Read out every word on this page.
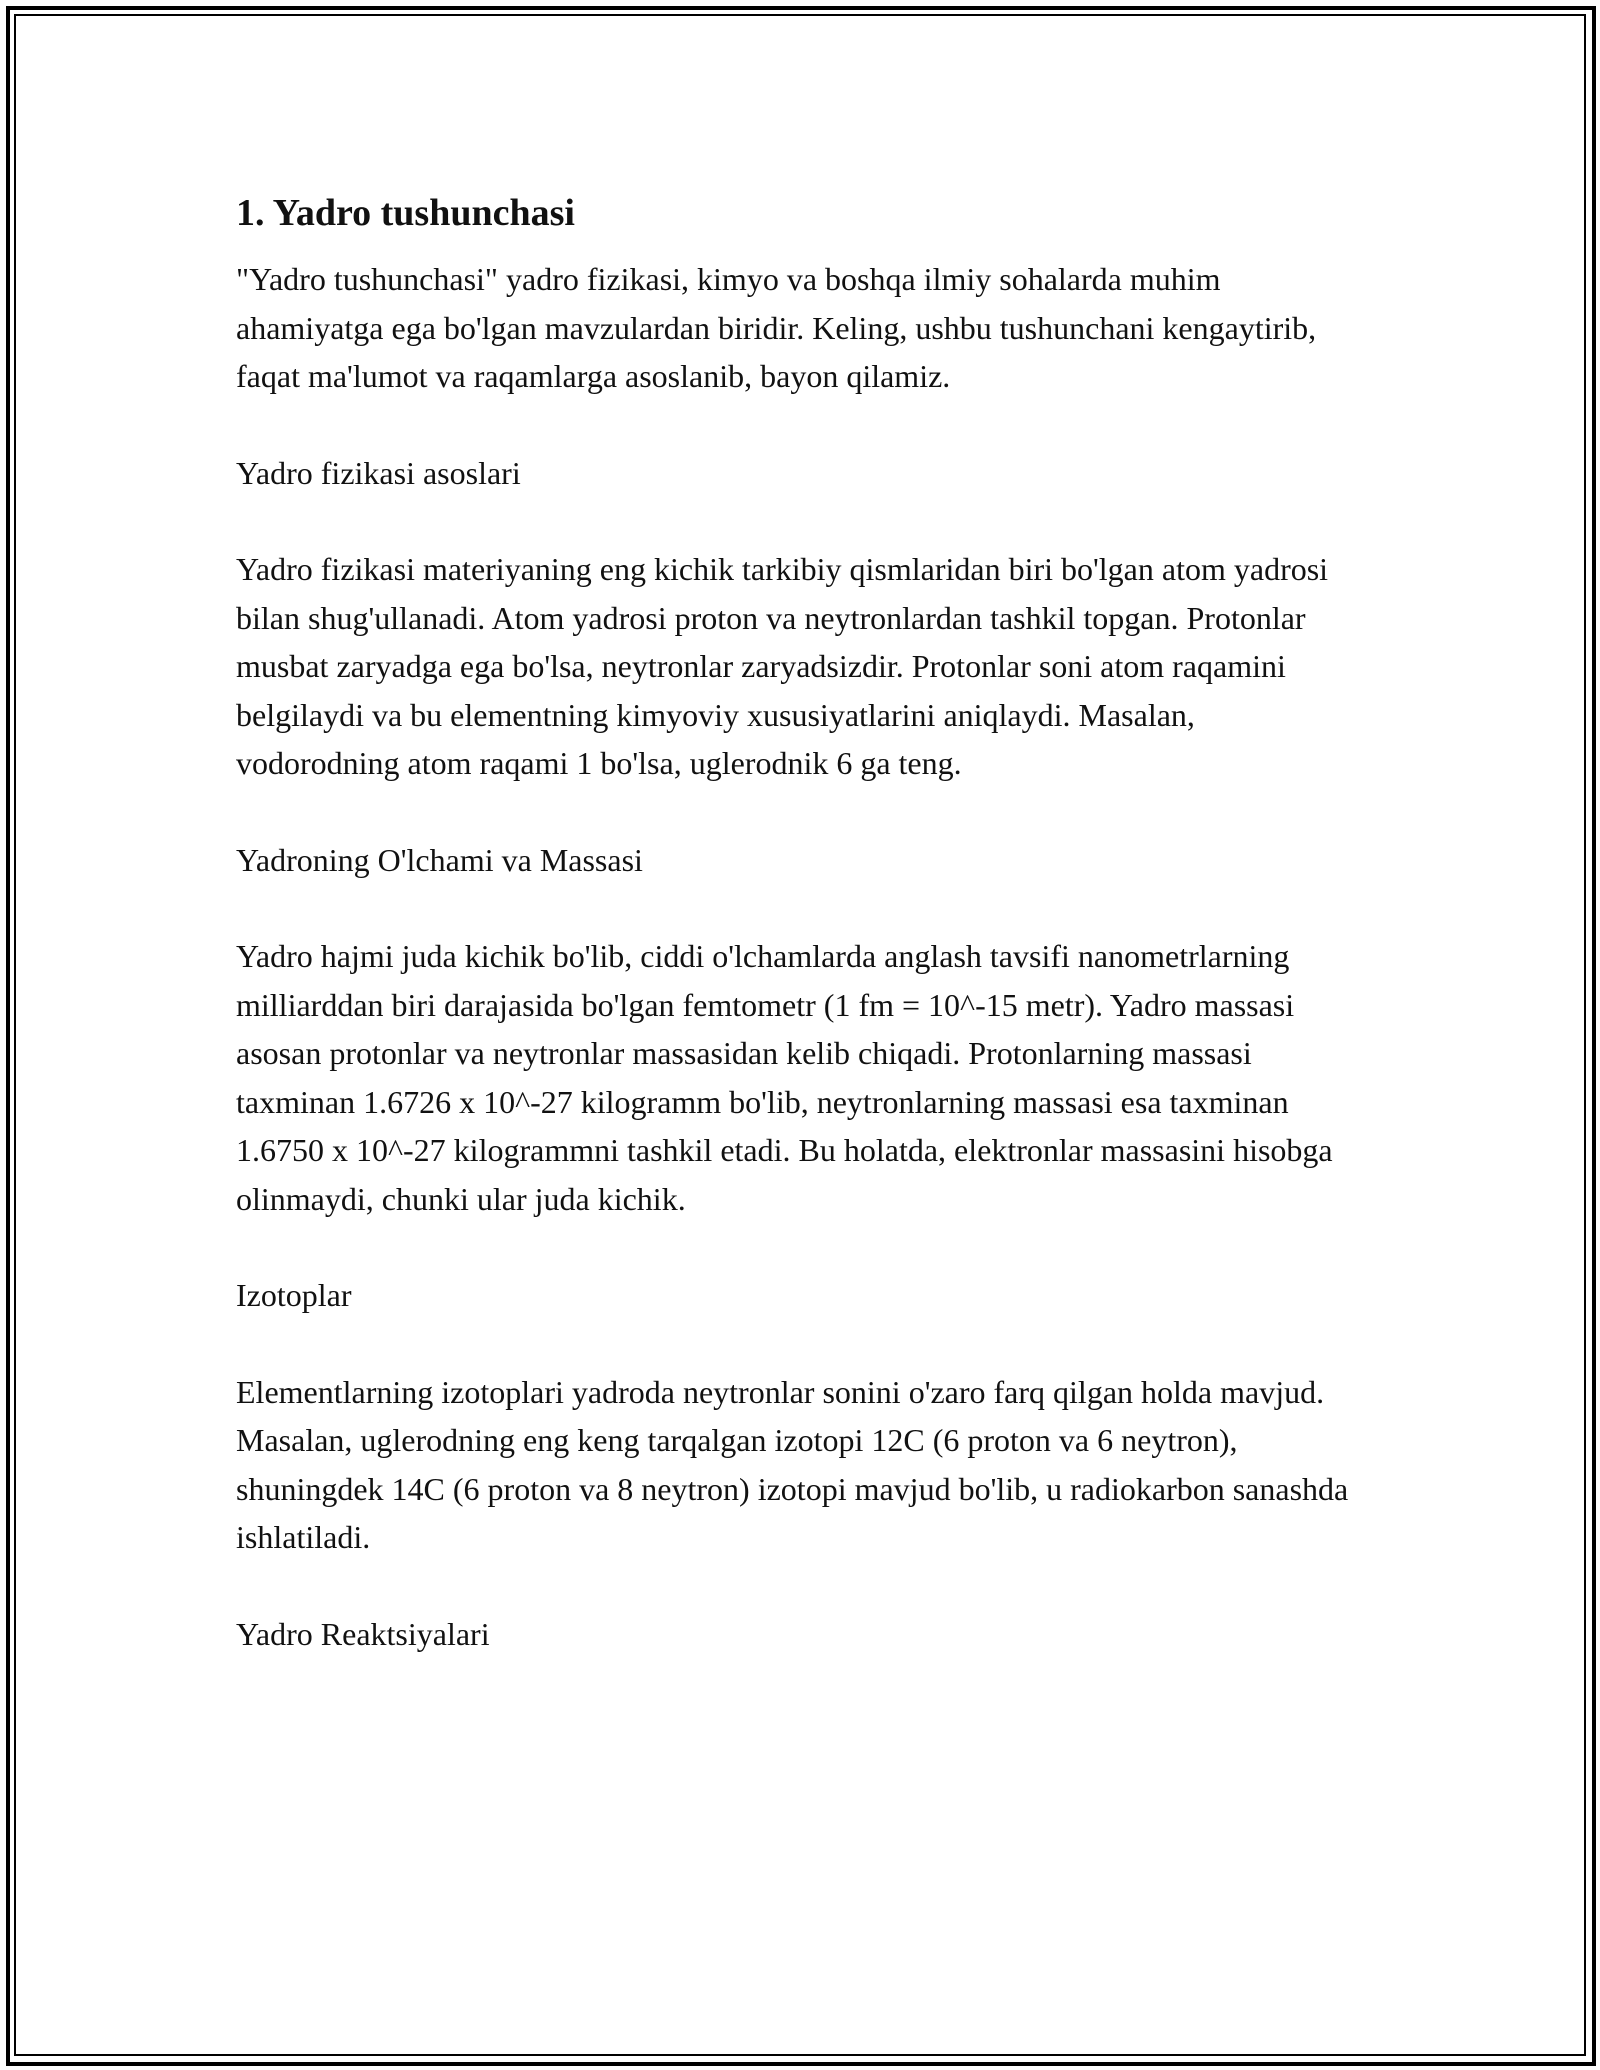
1. Yadro tushunchasi

"Yadro tushunchasi" yadro fizikasi, kimyo va boshqa ilmiy sohalarda muhim ahamiyatga ega bo'lgan mavzulardan biridir. Keling, ushbu tushunchani kengaytirib, faqat ma'lumot va raqamlarga asoslanib, bayon qilamiz.

Yadro fizikasi asoslari

Yadro fizikasi materiyaning eng kichik tarkibiy qismlaridan biri bo'lgan atom yadrosi bilan shug'ullanadi. Atom yadrosi proton va neytronlardan tashkil topgan. Protonlar musbat zaryadga ega bo'lsa, neytronlar zaryadsizdir. Protonlar soni atom raqamini belgilaydi va bu elementning kimyoviy xususiyatlarini aniqlaydi. Masalan, vodorodning atom raqami 1 bo'lsa, uglerodnik 6 ga teng.

Yadroning O'lchami va Massasi

Yadro hajmi juda kichik bo'lib, ciddi o'lchamlarda anglash tavsifi nanometrlarning milliarddan biri darajasida bo'lgan femtometr (1 fm = 10^-15 metr). Yadro massasi asosan protonlar va neytronlar massasidan kelib chiqadi. Protonlarning massasi taxminan 1.6726 x 10^-27 kilogramm bo'lib, neytronlarning massasi esa taxminan 1.6750 x 10^-27 kilogrammni tashkil etadi. Bu holatda, elektronlar massasini hisobga olinmaydi, chunki ular juda kichik.

Izotoplar

Elementlarning izotoplari yadroda neytronlar sonini o'zaro farq qilgan holda mavjud. Masalan, uglerodning eng keng tarqalgan izotopi 12C (6 proton va 6 neytron), shuningdek 14C (6 proton va 8 neytron) izotopi mavjud bo'lib, u radiokarbon sanashda ishlatiladi.

Yadro Reaktsiyalari
